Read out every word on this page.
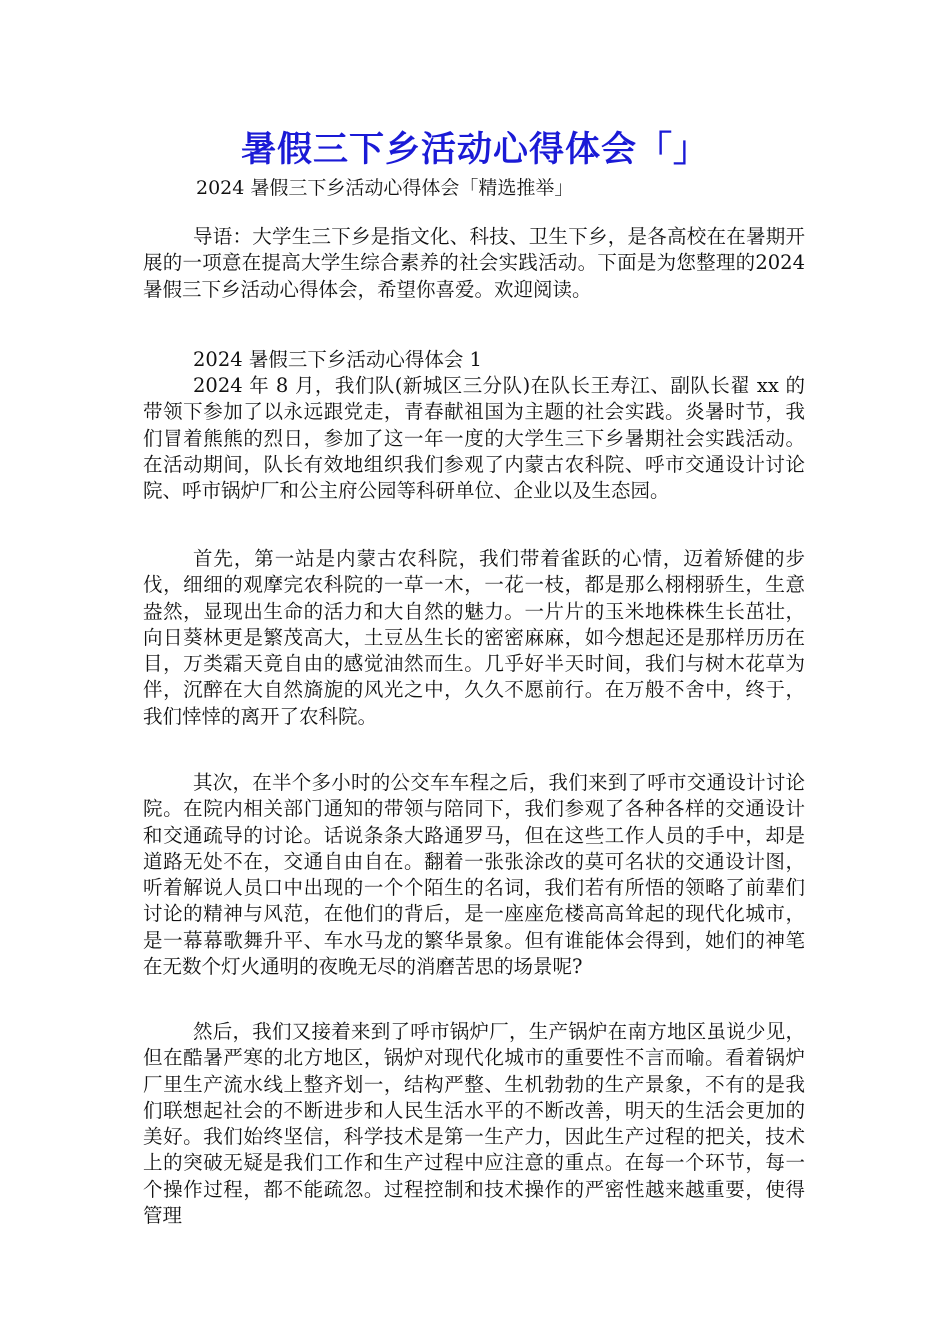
暑假三下乡活动心得体会「」

2024 暑假三下乡活动心得体会「精选推举」

导语：大学生三下乡是指文化、科技、卫生下乡，是各高校在在暑期开展的一项意在提高大学生综合素养的社会实践活动。下面是为您整理的2024 暑假三下乡活动心得体会，希望你喜爱。欢迎阅读。

2024 暑假三下乡活动心得体会 1

2024 年 8 月，我们队(新城区三分队)在队长王寿江、副队长翟 xx 的带领下参加了以永远跟党走，青春献祖国为主题的社会实践。炎暑时节，我们冒着熊熊的烈日，参加了这一年一度的大学生三下乡暑期社会实践活动。在活动期间，队长有效地组织我们参观了内蒙古农科院、呼市交通设计讨论院、呼市锅炉厂和公主府公园等科研单位、企业以及生态园。

首先，第一站是内蒙古农科院，我们带着雀跃的心情，迈着矫健的步伐，细细的观摩完农科院的一草一木，一花一枝，都是那么栩栩骄生，生意盎然，显现出生命的活力和大自然的魅力。一片片的玉米地株株生长茁壮，向日葵林更是繁茂高大，土豆丛生长的密密麻麻，如今想起还是那样历历在目，万类霜天竟自由的感觉油然而生。几乎好半天时间，我们与树木花草为伴，沉醉在大自然旖旎的风光之中，久久不愿前行。在万般不舍中，终于，我们悻悻的离开了农科院。

其次，在半个多小时的公交车车程之后，我们来到了呼市交通设计讨论院。在院内相关部门通知的带领与陪同下，我们参观了各种各样的交通设计和交通疏导的讨论。话说条条大路通罗马，但在这些工作人员的手中，却是道路无处不在，交通自由自在。翻着一张张涂改的莫可名状的交通设计图，听着解说人员口中出现的一个个陌生的名词，我们若有所悟的领略了前辈们讨论的精神与风范，在他们的背后，是一座座危楼高高耸起的现代化城市，是一幕幕歌舞升平、车水马龙的繁华景象。但有谁能体会得到，她们的神笔在无数个灯火通明的夜晚无尽的消磨苦思的场景呢?

然后，我们又接着来到了呼市锅炉厂，生产锅炉在南方地区虽说少见，但在酷暑严寒的北方地区，锅炉对现代化城市的重要性不言而喻。看着锅炉厂里生产流水线上整齐划一，结构严整、生机勃勃的生产景象，不有的是我们联想起社会的不断进步和人民生活水平的不断改善，明天的生活会更加的美好。我们始终坚信，科学技术是第一生产力，因此生产过程的把关，技术上的突破无疑是我们工作和生产过程中应注意的重点。在每一个环节，每一个操作过程，都不能疏忽。过程控制和技术操作的严密性越来越重要，使得管理
